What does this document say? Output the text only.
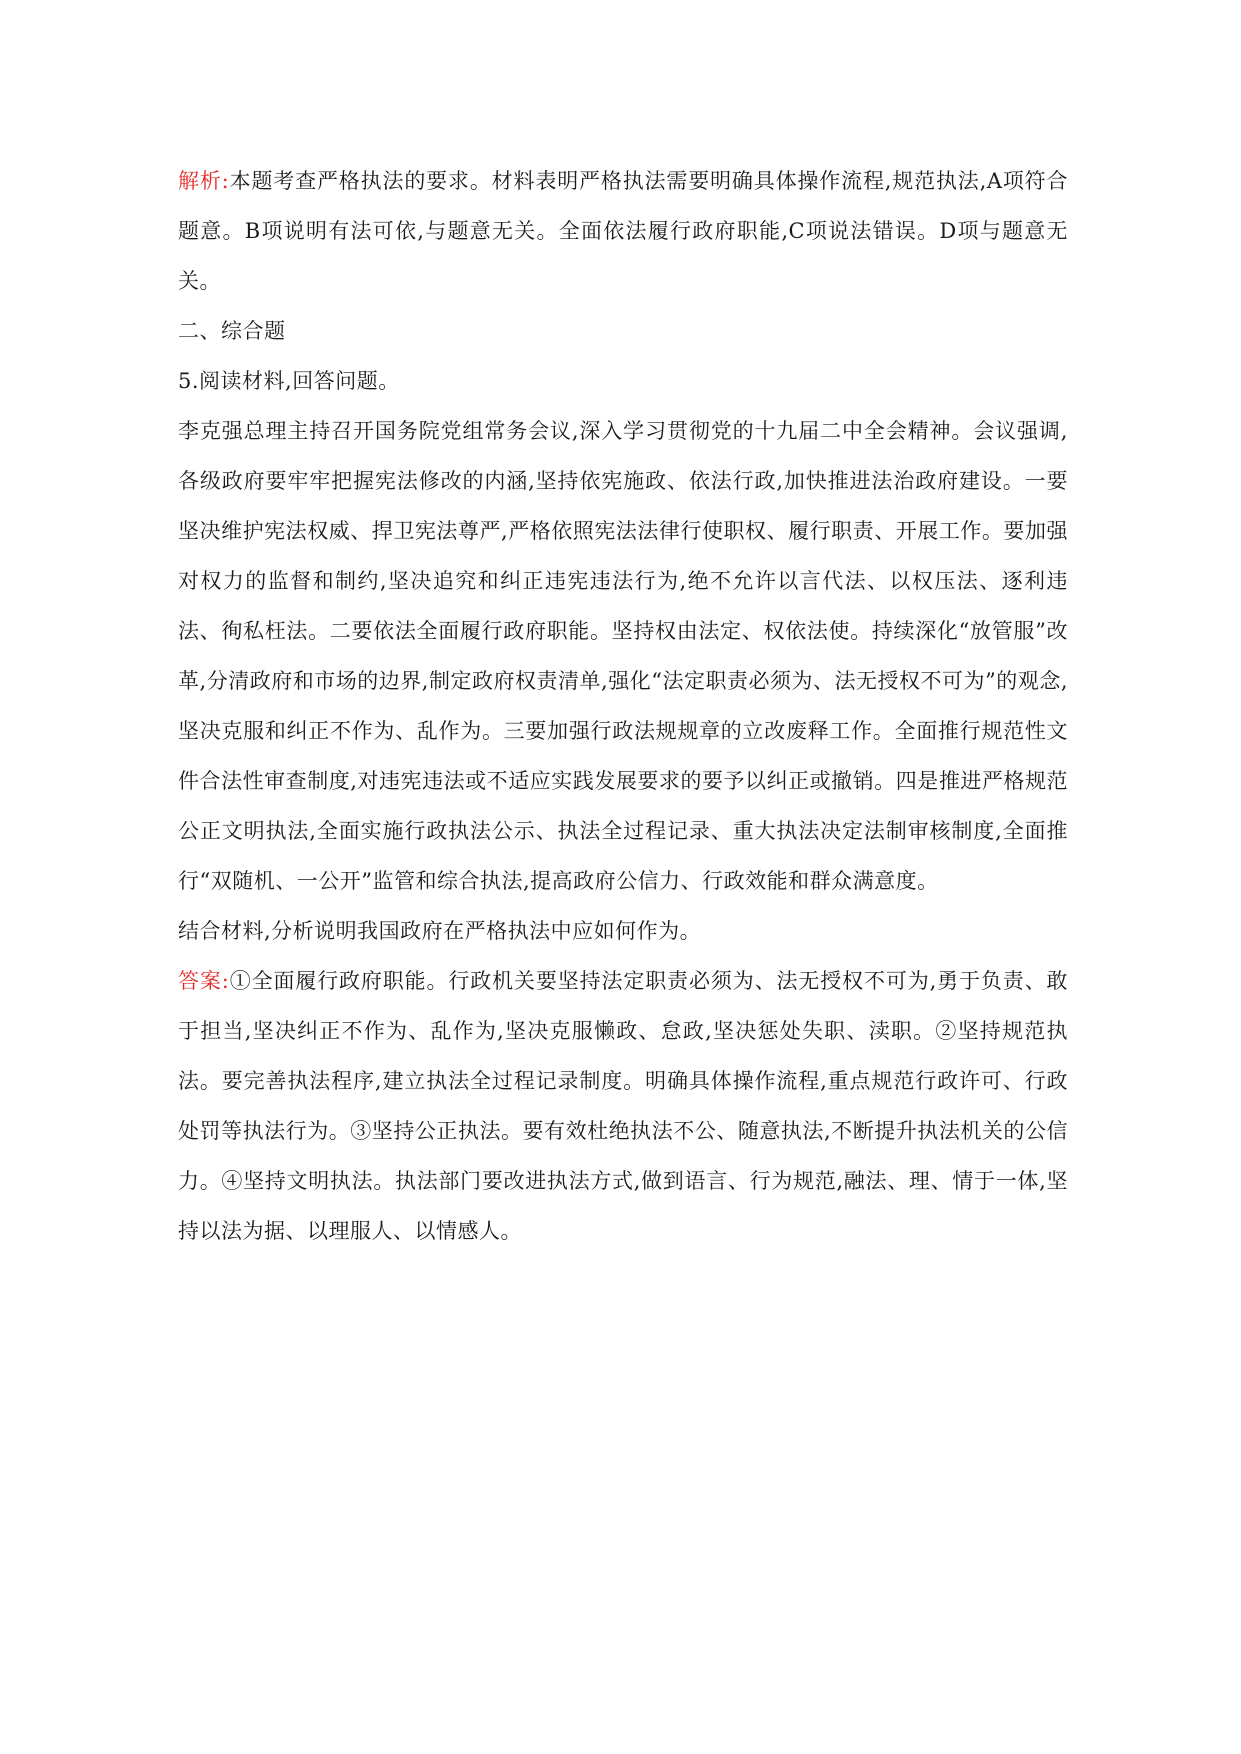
解析:本题考查严格执法的要求。材料表明严格执法需要明确具体操作流程,规范执法,A项符合题意。B项说明有法可依,与题意无关。全面依法履行政府职能,C项说法错误。D项与题意无关。

二、综合题

5.阅读材料,回答问题。

李克强总理主持召开国务院党组常务会议,深入学习贯彻党的十九届二中全会精神。会议强调,各级政府要牢牢把握宪法修改的内涵,坚持依宪施政、依法行政,加快推进法治政府建设。一要坚决维护宪法权威、捍卫宪法尊严,严格依照宪法法律行使职权、履行职责、开展工作。要加强对权力的监督和制约,坚决追究和纠正违宪违法行为,绝不允许以言代法、以权压法、逐利违法、徇私枉法。二要依法全面履行政府职能。坚持权由法定、权依法使。持续深化“放管服”改革,分清政府和市场的边界,制定政府权责清单,强化“法定职责必须为、法无授权不可为”的观念,坚决克服和纠正不作为、乱作为。三要加强行政法规规章的立改废释工作。全面推行规范性文件合法性审查制度,对违宪违法或不适应实践发展要求的要予以纠正或撤销。四是推进严格规范公正文明执法,全面实施行政执法公示、执法全过程记录、重大执法决定法制审核制度,全面推行“双随机、一公开”监管和综合执法,提高政府公信力、行政效能和群众满意度。

结合材料,分析说明我国政府在严格执法中应如何作为。

答案:①全面履行政府职能。行政机关要坚持法定职责必须为、法无授权不可为,勇于负责、敢于担当,坚决纠正不作为、乱作为,坚决克服懒政、怠政,坚决惩处失职、渎职。②坚持规范执法。要完善执法程序,建立执法全过程记录制度。明确具体操作流程,重点规范行政许可、行政处罚等执法行为。③坚持公正执法。要有效杜绝执法不公、随意执法,不断提升执法机关的公信力。④坚持文明执法。执法部门要改进执法方式,做到语言、行为规范,融法、理、情于一体,坚持以法为据、以理服人、以情感人。
